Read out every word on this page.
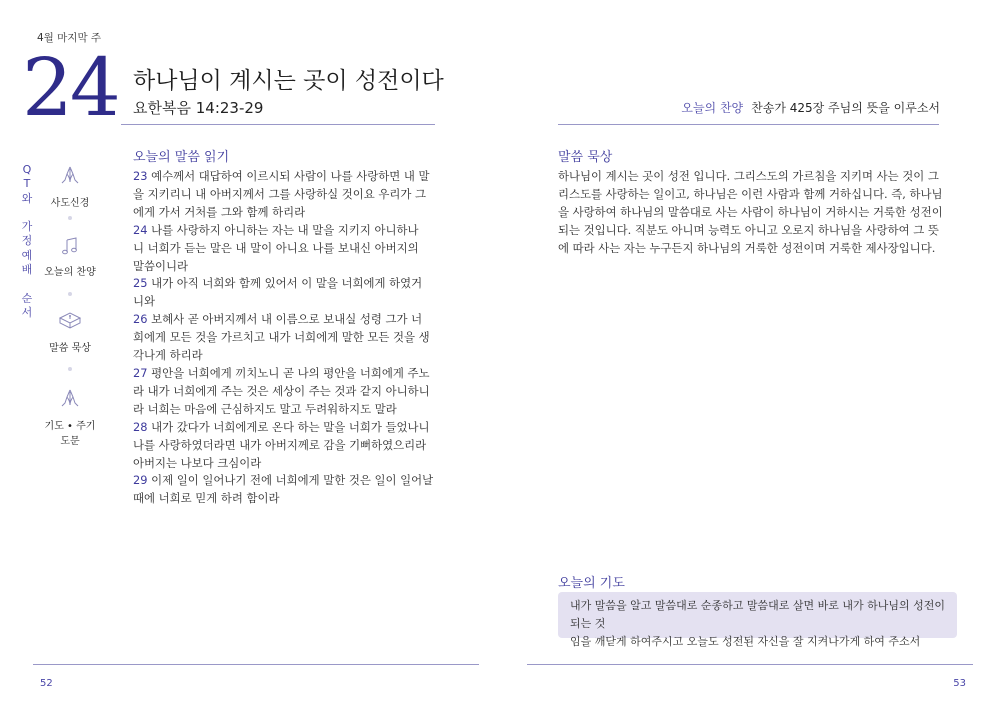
4월 마지막 주
24 하나님이 계시는 곳이 성전이다
요한복음 14:23-29	오늘의 찬양 찬송가 425장 주님의 뜻을 이루소서
Q
T
와

가
정
예
배

순
서
사도신경
오늘의 찬양
말씀 묵상
기도 • 주기도문
오늘의 말씀 읽기

23 예수께서 대답하여 이르시되 사람이 나를 사랑하면 내 말

을 지키리니 내 아버지께서 그를 사랑하실 것이요 우리가 그

에게 가서 거처를 그와 함께 하리라

24 나를 사랑하지 아니하는 자는 내 말을 지키지 아니하나

니 너희가 듣는 말은 내 말이 아니요 나를 보내신 아버지의

말씀이니라

25 내가 아직 너희와 함께 있어서 이 말을 너희에게 하였거

니와

26 보혜사 곧 아버지께서 내 이름으로 보내실 성령 그가 너

희에게 모든 것을 가르치고 내가 너희에게 말한 모든 것을 생

각나게 하리라

27 평안을 너희에게 끼치노니 곧 나의 평안을 너희에게 주노

라 내가 너희에게 주는 것은 세상이 주는 것과 같지 아니하니

라 너희는 마음에 근심하지도 말고 두려워하지도 말라

28 내가 갔다가 너희에게로 온다 하는 말을 너희가 들었나니

나를 사랑하였더라면 내가 아버지께로 감을 기뻐하였으리라

아버지는 나보다 크심이라

29 이제 일이 일어나기 전에 너희에게 말한 것은 일이 일어날

때에 너희로 믿게 하려 함이라

말씀 묵상
하나님이 계시는 곳이 성전 입니다. 그리스도의 가르침을 지키며 사는 것이 그
리스도를 사랑하는 일이고, 하나님은 이런 사람과 함께 거하십니다. 즉, 하나님
을 사랑하여 하나님의 말씀대로 사는 사람이 하나님이 거하시는 거룩한 성전이
되는 것입니다. 직분도 아니며 능력도 아니고 오로지 하나님을 사랑하여 그 뜻
에 따라 사는 자는 누구든지 하나님의 거룩한 성전이며 거룩한 제사장입니다.
오늘의 기도
내가 말씀을 알고 말씀대로 순종하고 말씀대로 살면 바로 내가 하나님의 성전이 되는 것
임을 깨닫게 하여주시고 오늘도 성전된 자신을 잘 지켜나가게 하여 주소서
52	53
